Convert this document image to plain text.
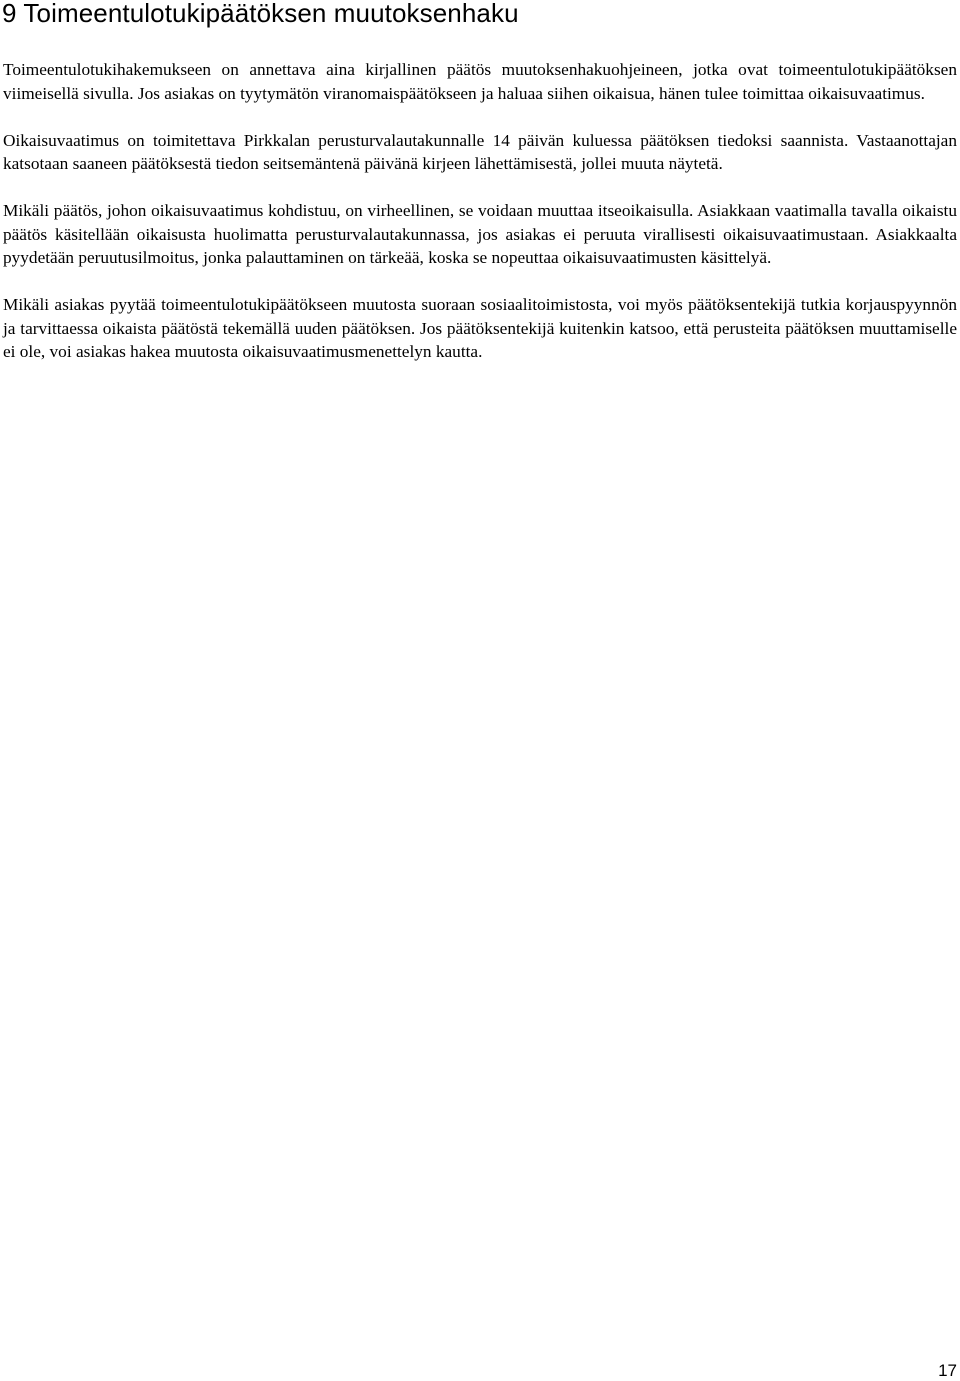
9 Toimeentulotukipäätöksen muutoksenhaku

Toimeentulotukihakemukseen on annettava aina kirjallinen päätös muutoksenhakuohjeineen, jotka ovat toimeentulotukipäätöksen viimeisellä sivulla. Jos asiakas on tyytymätön viranomaispäätökseen ja haluaa siihen oikaisua, hänen tulee toimittaa oikaisuvaatimus.

Oikaisuvaatimus on toimitettava Pirkkalan perusturvalautakunnalle 14 päivän kuluessa päätöksen tiedoksi saannista. Vastaanottajan katsotaan saaneen päätöksestä tiedon seitsemäntenä päivänä kirjeen lähettämisestä, jollei muuta näytetä.

Mikäli päätös, johon oikaisuvaatimus kohdistuu, on virheellinen, se voidaan muuttaa itseoikaisulla. Asiakkaan vaatimalla tavalla oikaistu päätös käsitellään oikaisusta huolimatta perusturvalautakunnassa, jos asiakas ei peruuta virallisesti oikaisuvaatimustaan. Asiakkaalta pyydetään peruutusilmoitus, jonka palauttaminen on tärkeää, koska se nopeuttaa oikaisuvaatimusten käsittelyä.

Mikäli asiakas pyytää toimeentulotukipäätökseen muutosta suoraan sosiaalitoimistosta, voi myös päätöksentekijä tutkia korjauspyynnön ja tarvittaessa oikaista päätöstä tekemällä uuden päätöksen. Jos päätöksentekijä kuitenkin katsoo, että perusteita päätöksen muuttamiselle ei ole, voi asiakas hakea muutosta oikaisuvaatimusmenettelyn kautta.

17
